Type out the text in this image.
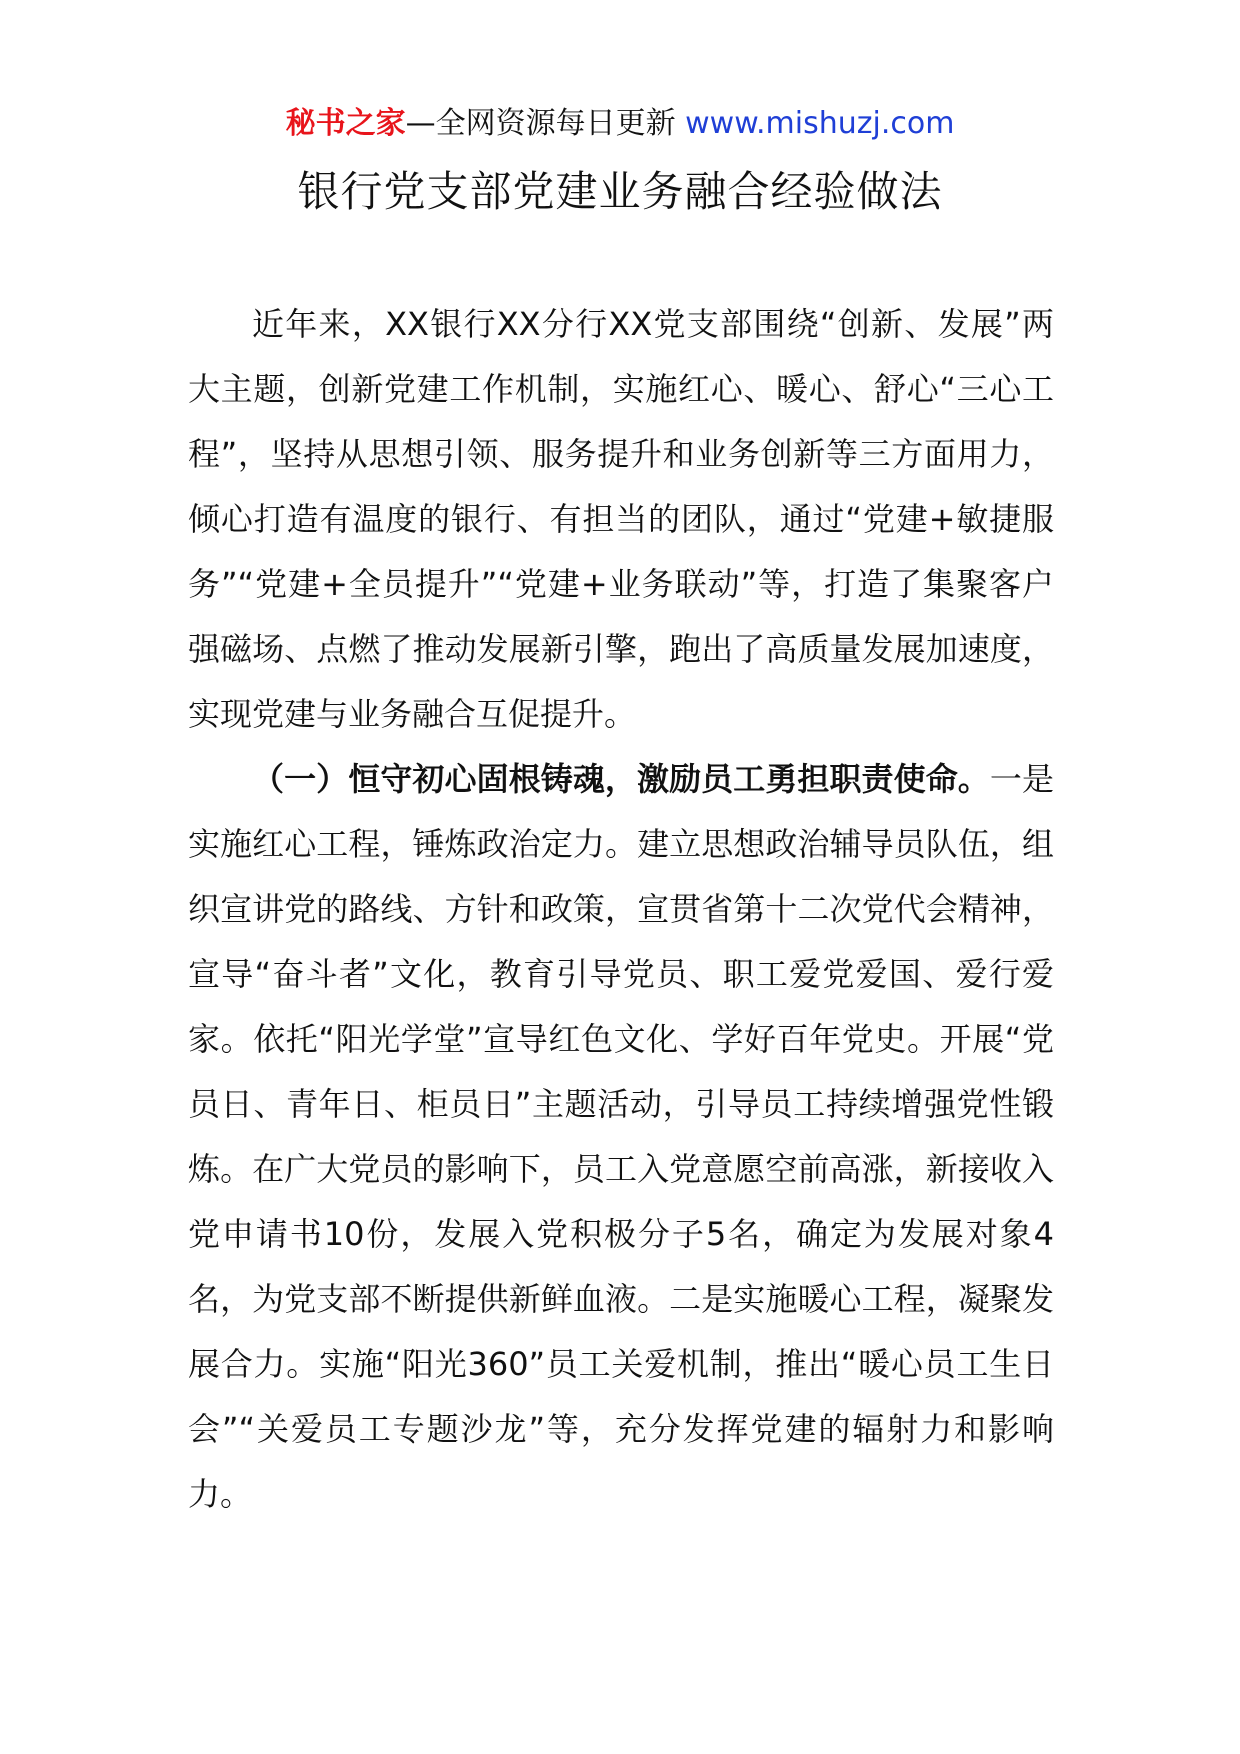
秘书之家—全网资源每日更新 www.mishuzj.com
银行党支部党建业务融合经验做法

近年来，XX银行XX分行XX党支部围绕“创新、发展”两大主题，创新党建工作机制，实施红心、暖心、舒心“三心工程”，坚持从思想引领、服务提升和业务创新等三方面用力，倾心打造有温度的银行、有担当的团队，通过“党建+敏捷服务”“党建+全员提升”“党建+业务联动”等，打造了集聚客户强磁场、点燃了推动发展新引擎，跑出了高质量发展加速度，实现党建与业务融合互促提升。

（一）恒守初心固根铸魂，激励员工勇担职责使命。一是实施红心工程，锤炼政治定力。建立思想政治辅导员队伍，组织宣讲党的路线、方针和政策，宣贯省第十二次党代会精神，宣导“奋斗者”文化，教育引导党员、职工爱党爱国、爱行爱家。依托“阳光学堂”宣导红色文化、学好百年党史。开展“党员日、青年日、柜员日”主题活动，引导员工持续增强党性锻炼。在广大党员的影响下，员工入党意愿空前高涨，新接收入党申请书10份，发展入党积极分子5名，确定为发展对象4名，为党支部不断提供新鲜血液。二是实施暖心工程，凝聚发展合力。实施“阳光360”员工关爱机制，推出“暖心员工生日会”“关爱员工专题沙龙”等，充分发挥党建的辐射力和影响力。
